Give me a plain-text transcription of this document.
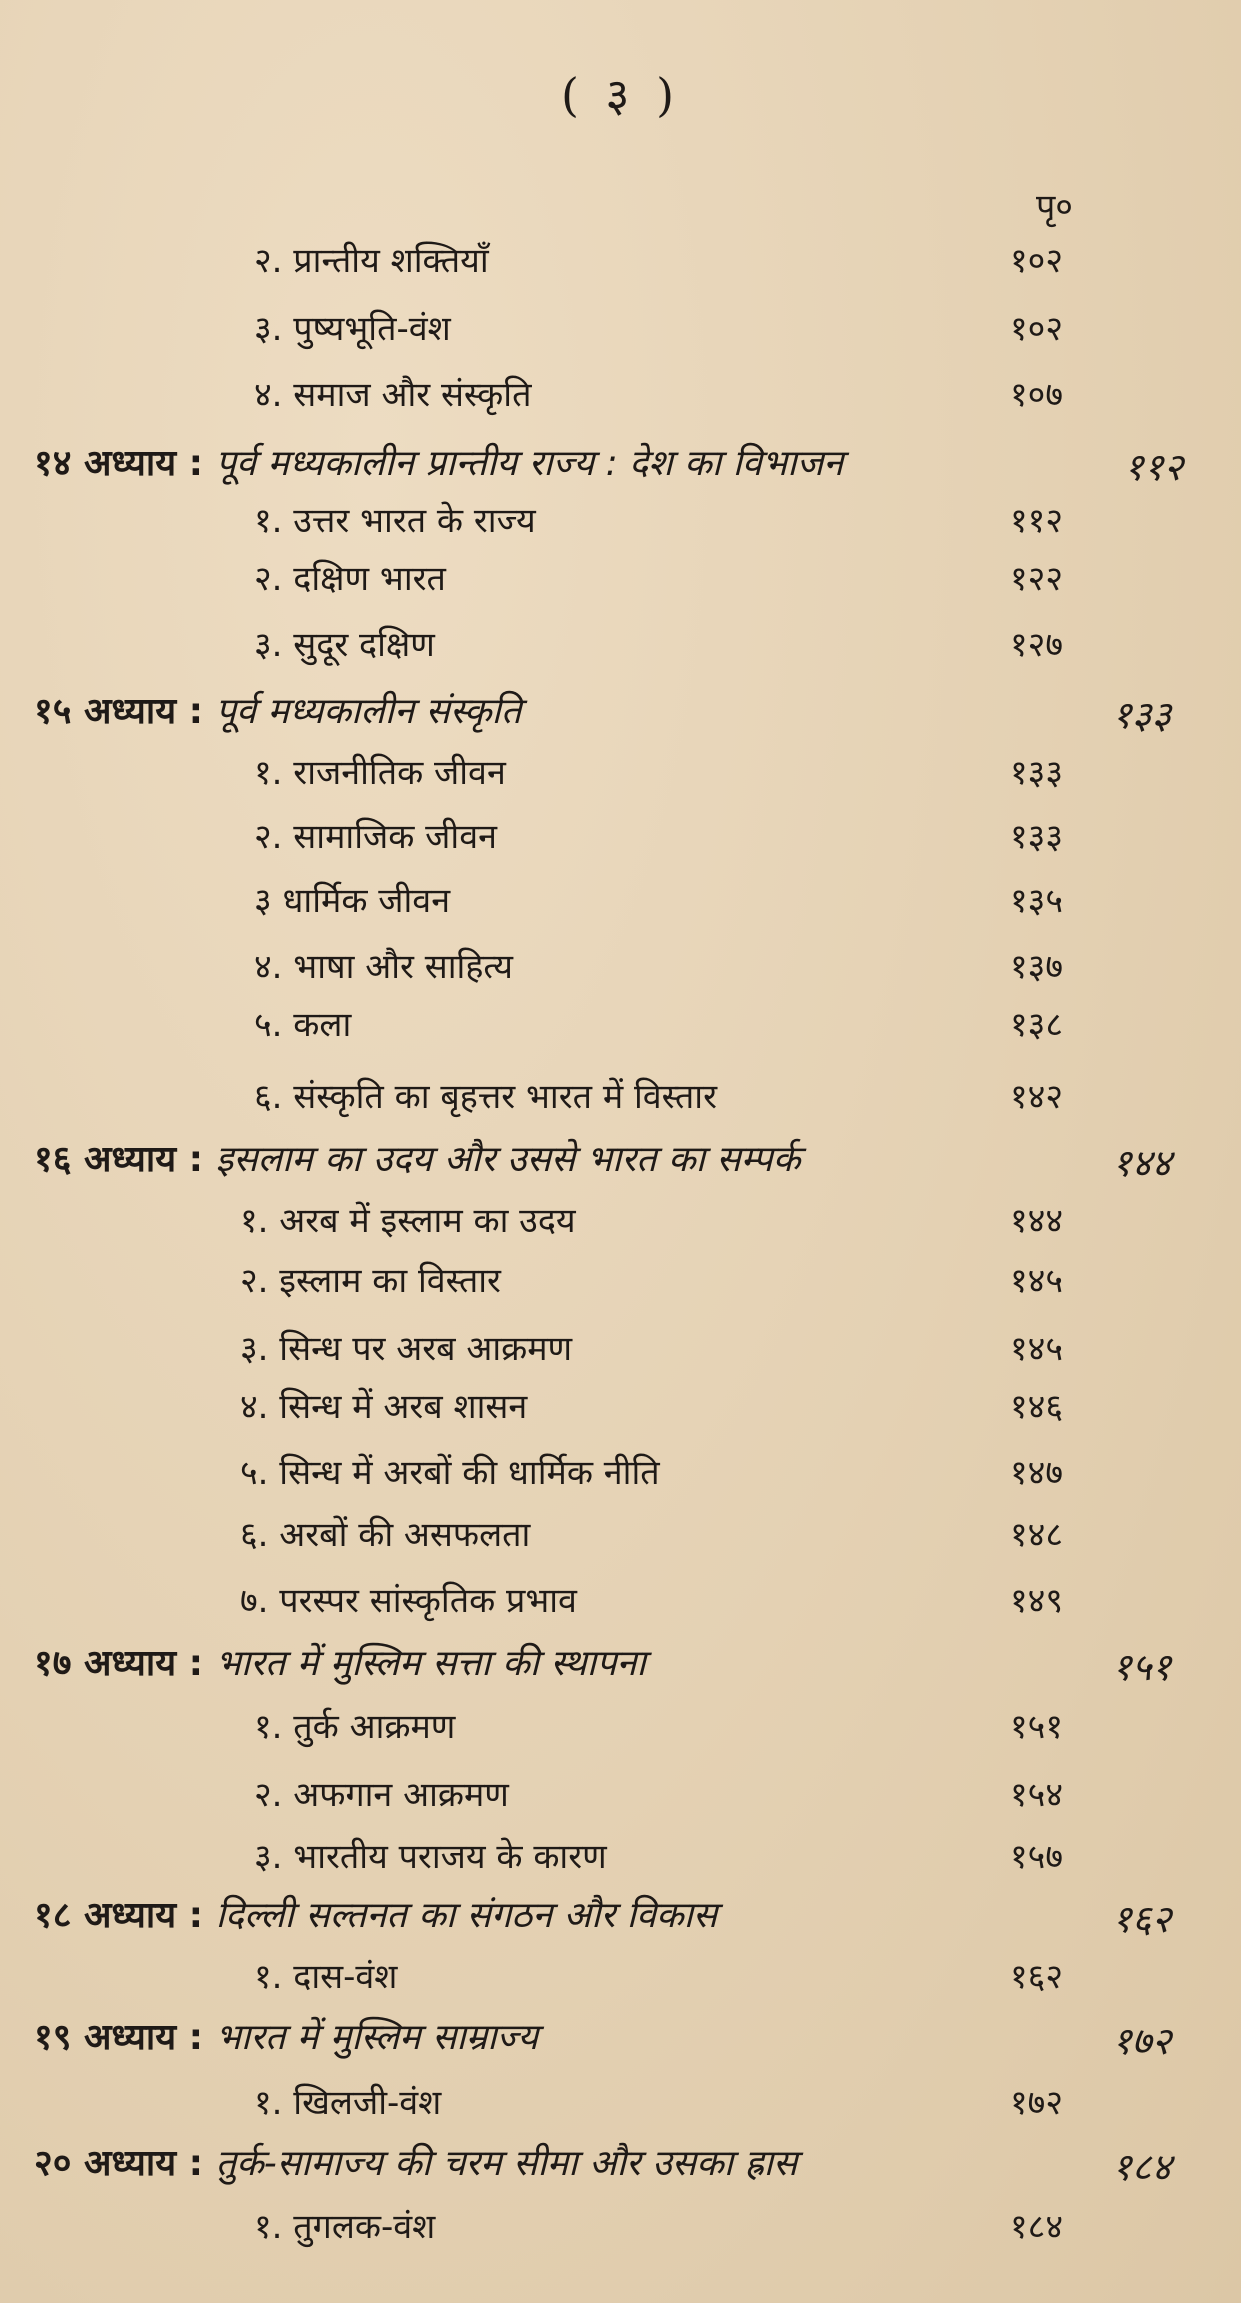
( ३ )
पृ०
२. प्रान्तीय शक्तियाँ	१०२
३. पुष्यभूति-वंश	१०२
४. समाज और संस्कृति	१०७
१४ अध्याय : पूर्व मध्यकालीन प्रान्तीय राज्य : देश का विभाजन	११२
१. उत्तर भारत के राज्य	११२
२. दक्षिण भारत	१२२
३. सुदूर दक्षिण	१२७
१५ अध्याय : पूर्व मध्यकालीन संस्कृति	१३३
१. राजनीतिक जीवन	१३३
२. सामाजिक जीवन	१३३
३ धार्मिक जीवन	१३५
४. भाषा और साहित्य	१३७
५. कला	१३८
६. संस्कृति का बृहत्तर भारत में विस्तार	१४२
१६ अध्याय : इसलाम का उदय और उससे भारत का सम्पर्क	१४४
१. अरब में इस्लाम का उदय	१४४
२. इस्लाम का विस्तार	१४५
३. सिन्ध पर अरब आक्रमण	१४५
४. सिन्ध में अरब शासन	१४६
५. सिन्ध में अरबों की धार्मिक नीति	१४७
६. अरबों की असफलता	१४८
७. परस्पर सांस्कृतिक प्रभाव	१४९
१७ अध्याय : भारत में मुस्लिम सत्ता की स्थापना	१५१
१. तुर्क आक्रमण	१५१
२. अफगान आक्रमण	१५४
३. भारतीय पराजय के कारण	१५७
१८ अध्याय : दिल्ली सल्तनत का संगठन और विकास	१६२
१. दास-वंश	१६२
१९ अध्याय : भारत में मुस्लिम साम्राज्य	१७२
१. खिलजी-वंश	१७२
२० अध्याय : तुर्क-सामाज्य की चरम सीमा और उसका ह्रास	१८४
१. तुगलक-वंश	१८४
